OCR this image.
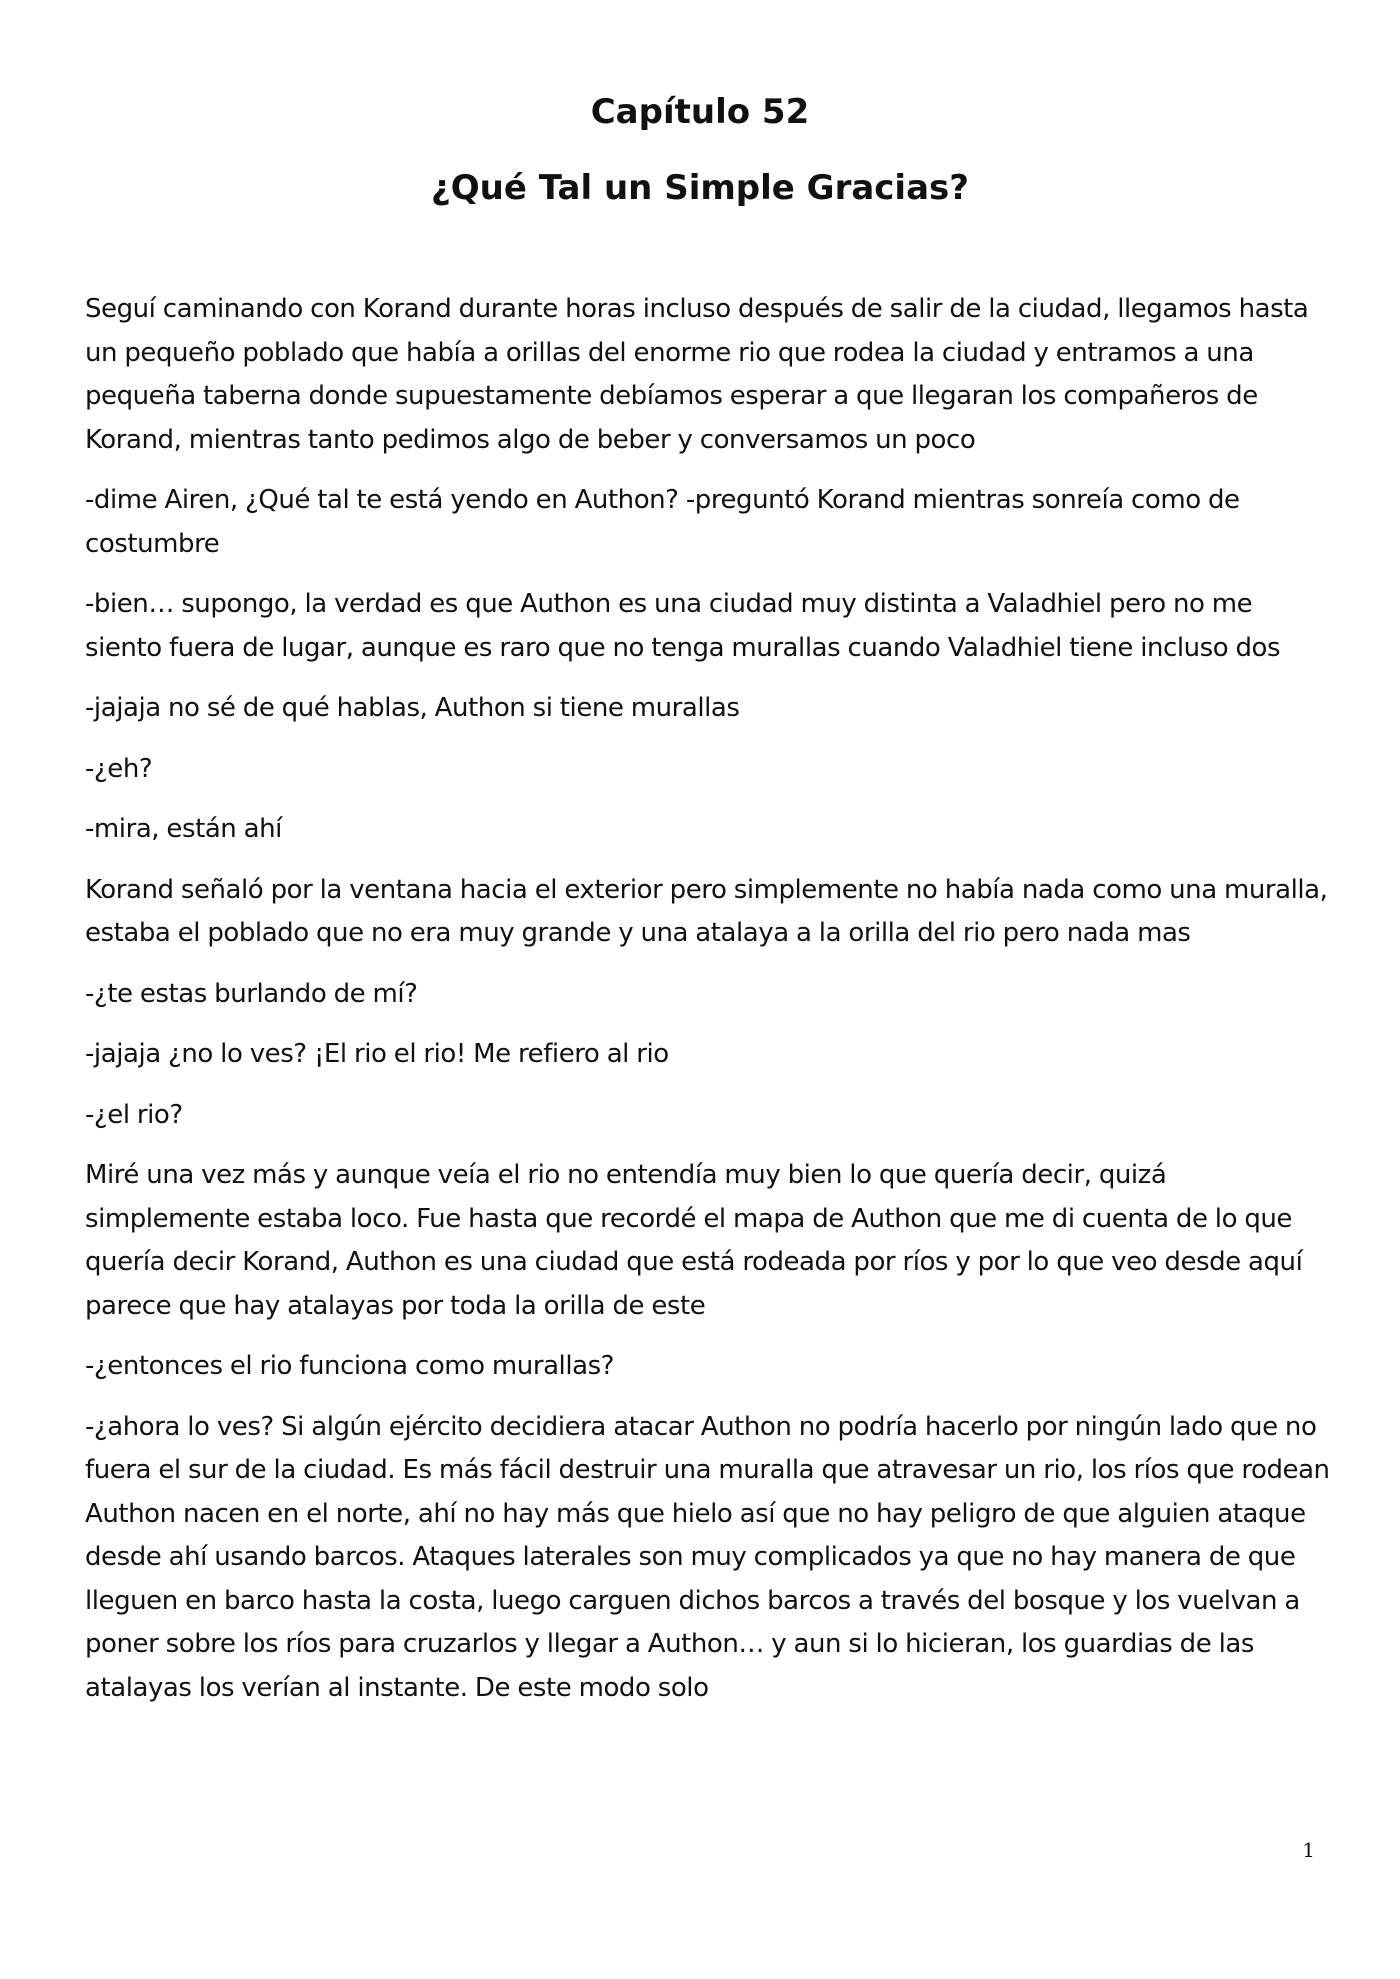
Capítulo 52
¿Qué Tal un Simple Gracias?

Seguí caminando con Korand durante horas incluso después de salir de la ciudad, llegamos hasta un pequeño poblado que había a orillas del enorme rio que rodea la ciudad y entramos a una pequeña taberna donde supuestamente debíamos esperar a que llegaran los compañeros de Korand, mientras tanto pedimos algo de beber y conversamos un poco

-dime Airen, ¿Qué tal te está yendo en Authon? -preguntó Korand mientras sonreía como de costumbre

-bien… supongo, la verdad es que Authon es una ciudad muy distinta a Valadhiel pero no me siento fuera de lugar, aunque es raro que no tenga murallas cuando Valadhiel tiene incluso dos

-jajaja no sé de qué hablas, Authon si tiene murallas

-¿eh?

-mira, están ahí

Korand señaló por la ventana hacia el exterior pero simplemente no había nada como una muralla, estaba el poblado que no era muy grande y una atalaya a la orilla del rio pero nada mas

-¿te estas burlando de mí?

-jajaja ¿no lo ves? ¡El rio el rio! Me refiero al rio

-¿el rio?

Miré una vez más y aunque veía el rio no entendía muy bien lo que quería decir, quizá simplemente estaba loco. Fue hasta que recordé el mapa de Authon que me di cuenta de lo que quería decir Korand, Authon es una ciudad que está rodeada por ríos y por lo que veo desde aquí parece que hay atalayas por toda la orilla de este

-¿entonces el rio funciona como murallas?

-¿ahora lo ves? Si algún ejército decidiera atacar Authon no podría hacerlo por ningún lado que no fuera el sur de la ciudad. Es más fácil destruir una muralla que atravesar un rio, los ríos que rodean Authon nacen en el norte, ahí no hay más que hielo así que no hay peligro de que alguien ataque desde ahí usando barcos. Ataques laterales son muy complicados ya que no hay manera de que lleguen en barco hasta la costa, luego carguen dichos barcos a través del bosque y los vuelvan a poner sobre los ríos para cruzarlos y llegar a Authon… y aun si lo hicieran, los guardias de las atalayas los verían al instante. De este modo solo

1
